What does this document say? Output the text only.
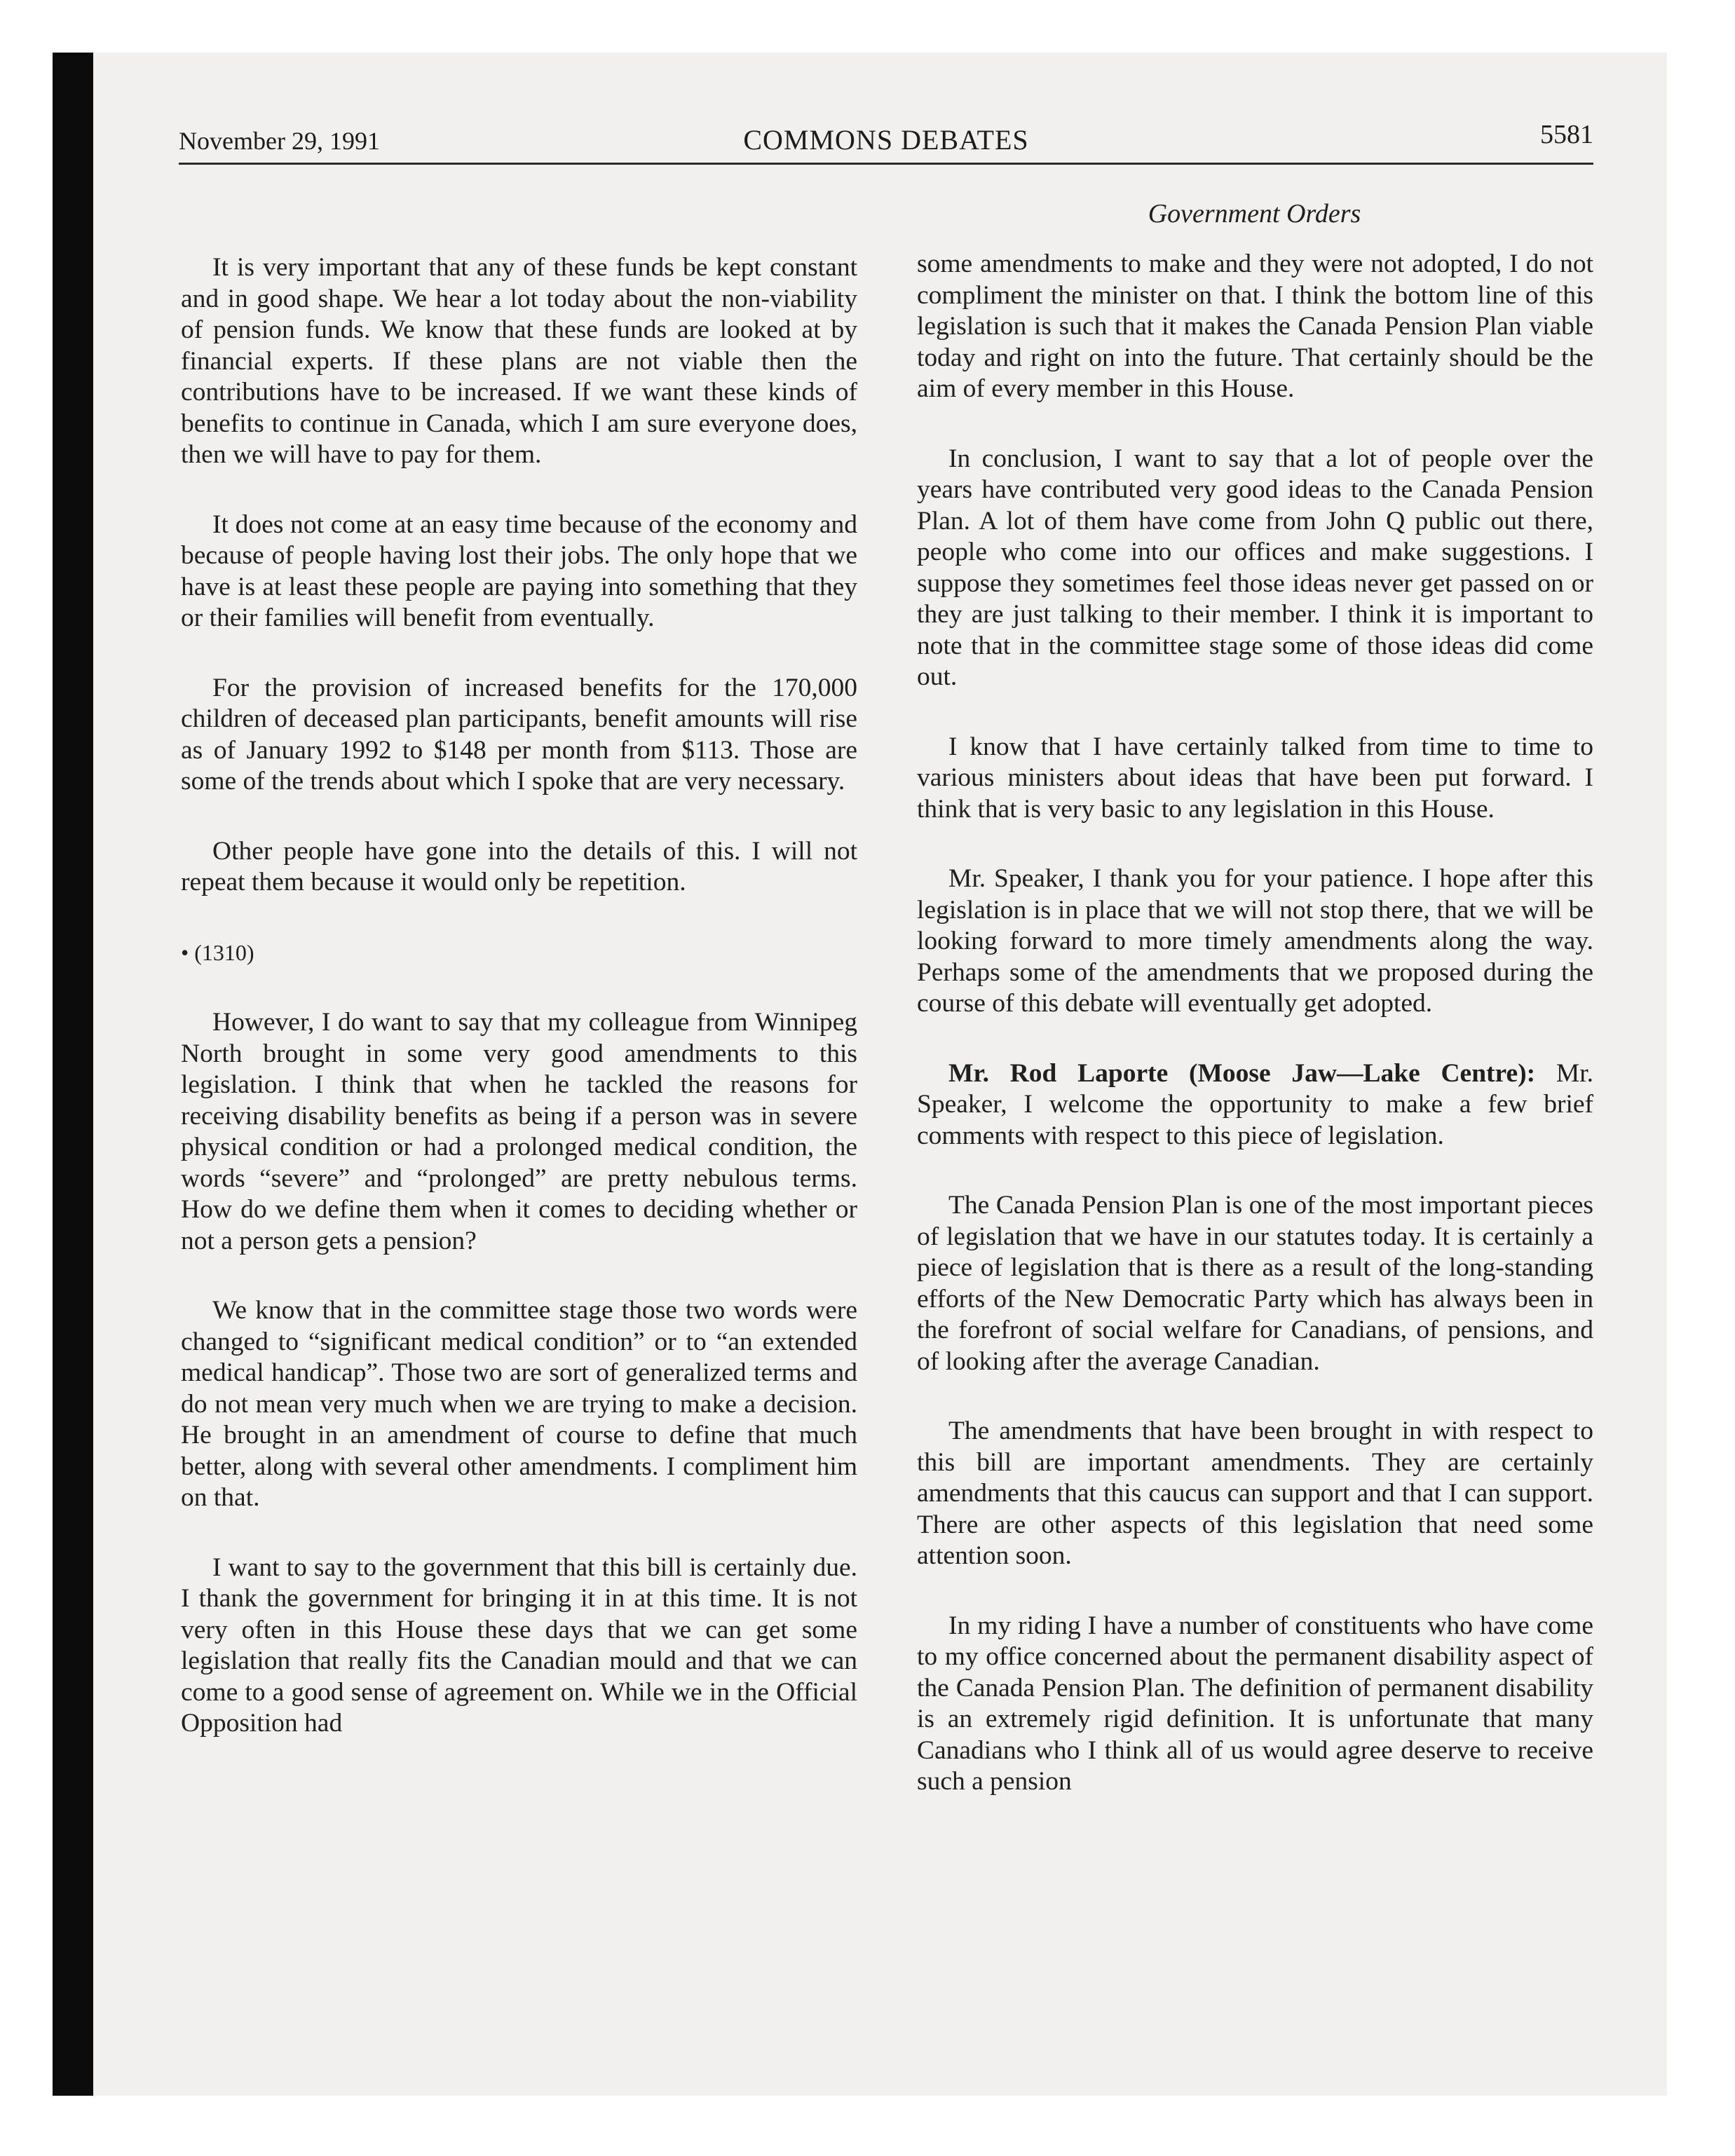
November 29, 1991	COMMONS DEBATES	5581
Government Orders

It is very important that any of these funds be kept constant and in good shape. We hear a lot today about the non-viability of pension funds. We know that these funds are looked at by financial experts. If these plans are not viable then the contributions have to be increased. If we want these kinds of benefits to continue in Canada, which I am sure everyone does, then we will have to pay for them.

It does not come at an easy time because of the economy and because of people having lost their jobs. The only hope that we have is at least these people are paying into something that they or their families will benefit from eventually.

For the provision of increased benefits for the 170,000 children of deceased plan participants, benefit amounts will rise as of January 1992 to $148 per month from $113. Those are some of the trends about which I spoke that are very necessary.

Other people have gone into the details of this. I will not repeat them because it would only be repetition.

• (1310)

However, I do want to say that my colleague from Winnipeg North brought in some very good amendments to this legislation. I think that when he tackled the reasons for receiving disability benefits as being if a person was in severe physical condition or had a prolonged medical condition, the words “severe” and “prolonged” are pretty nebulous terms. How do we define them when it comes to deciding whether or not a person gets a pension?

We know that in the committee stage those two words were changed to “significant medical condition” or to “an extended medical handicap”. Those two are sort of generalized terms and do not mean very much when we are trying to make a decision. He brought in an amendment of course to define that much better, along with several other amendments. I compliment him on that.

I want to say to the government that this bill is certainly due. I thank the government for bringing it in at this time. It is not very often in this House these days that we can get some legislation that really fits the Canadian mould and that we can come to a good sense of agreement on. While we in the Official Opposition had

some amendments to make and they were not adopted, I do not compliment the minister on that. I think the bottom line of this legislation is such that it makes the Canada Pension Plan viable today and right on into the future. That certainly should be the aim of every member in this House.

In conclusion, I want to say that a lot of people over the years have contributed very good ideas to the Canada Pension Plan. A lot of them have come from John Q public out there, people who come into our offices and make suggestions. I suppose they sometimes feel those ideas never get passed on or they are just talking to their member. I think it is important to note that in the committee stage some of those ideas did come out.

I know that I have certainly talked from time to time to various ministers about ideas that have been put forward. I think that is very basic to any legislation in this House.

Mr. Speaker, I thank you for your patience. I hope after this legislation is in place that we will not stop there, that we will be looking forward to more timely amendments along the way. Perhaps some of the amendments that we proposed during the course of this debate will eventually get adopted.

Mr. Rod Laporte (Moose Jaw—Lake Centre): Mr. Speaker, I welcome the opportunity to make a few brief comments with respect to this piece of legislation.

The Canada Pension Plan is one of the most important pieces of legislation that we have in our statutes today. It is certainly a piece of legislation that is there as a result of the long-standing efforts of the New Democratic Party which has always been in the forefront of social welfare for Canadians, of pensions, and of looking after the average Canadian.

The amendments that have been brought in with respect to this bill are important amendments. They are certainly amendments that this caucus can support and that I can support. There are other aspects of this legislation that need some attention soon.

In my riding I have a number of constituents who have come to my office concerned about the permanent disability aspect of the Canada Pension Plan. The definition of permanent disability is an extremely rigid definition. It is unfortunate that many Canadians who I think all of us would agree deserve to receive such a pension
